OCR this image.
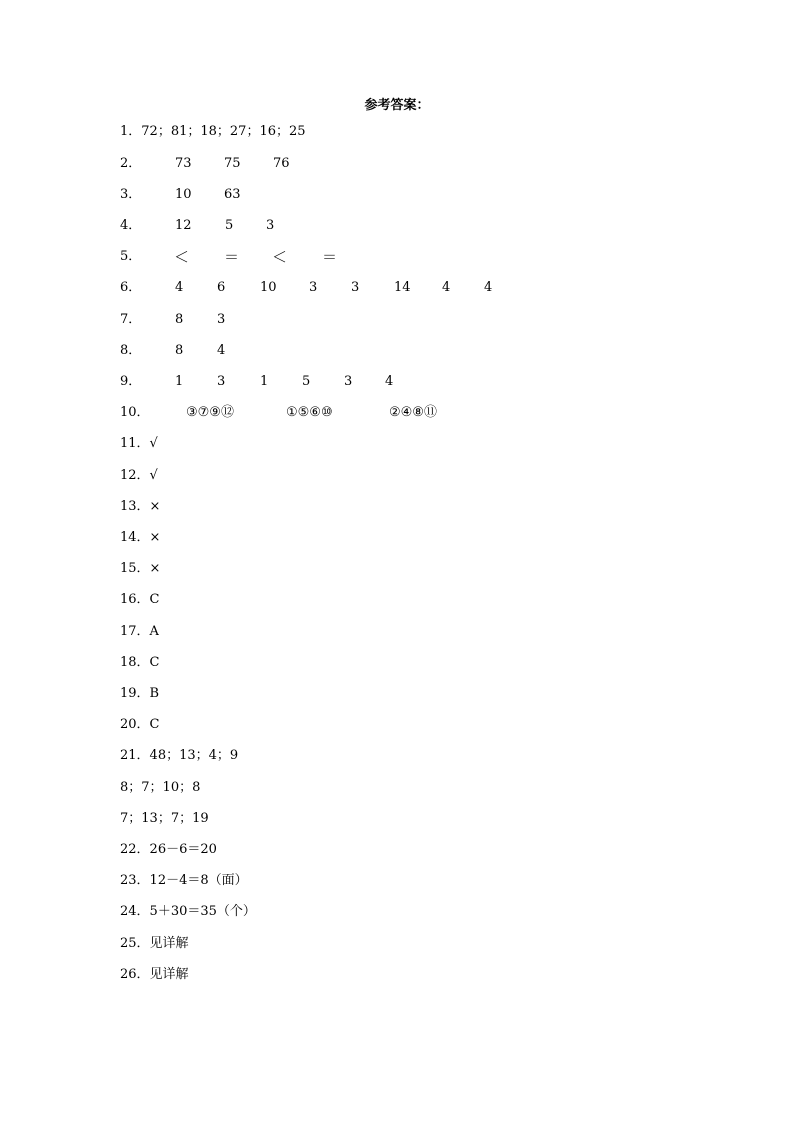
参考答案：
1．72；81；18；27；16；25
2．	73 75 76
3．	10 63
4．	12	5	3
5． ＜ ＝ ＜ ＝
6．	4	6	10 3	3	14 4	4
7．	8	3
8．	8	4
9．	1	3	1	5	3	4
10．	③⑦⑨⑫	①⑤⑥⑩	②④⑧⑪
11．√
12．√
13．×
14．×
15．×
16．C
17．A
18．C
19．B
20．C
21．48；13；4；9
8；7；10；8
7；13；7；19
22．26－6＝20
23．12－4＝8（面）
24．5＋30＝35（个）
25．见详解
26．见详解
